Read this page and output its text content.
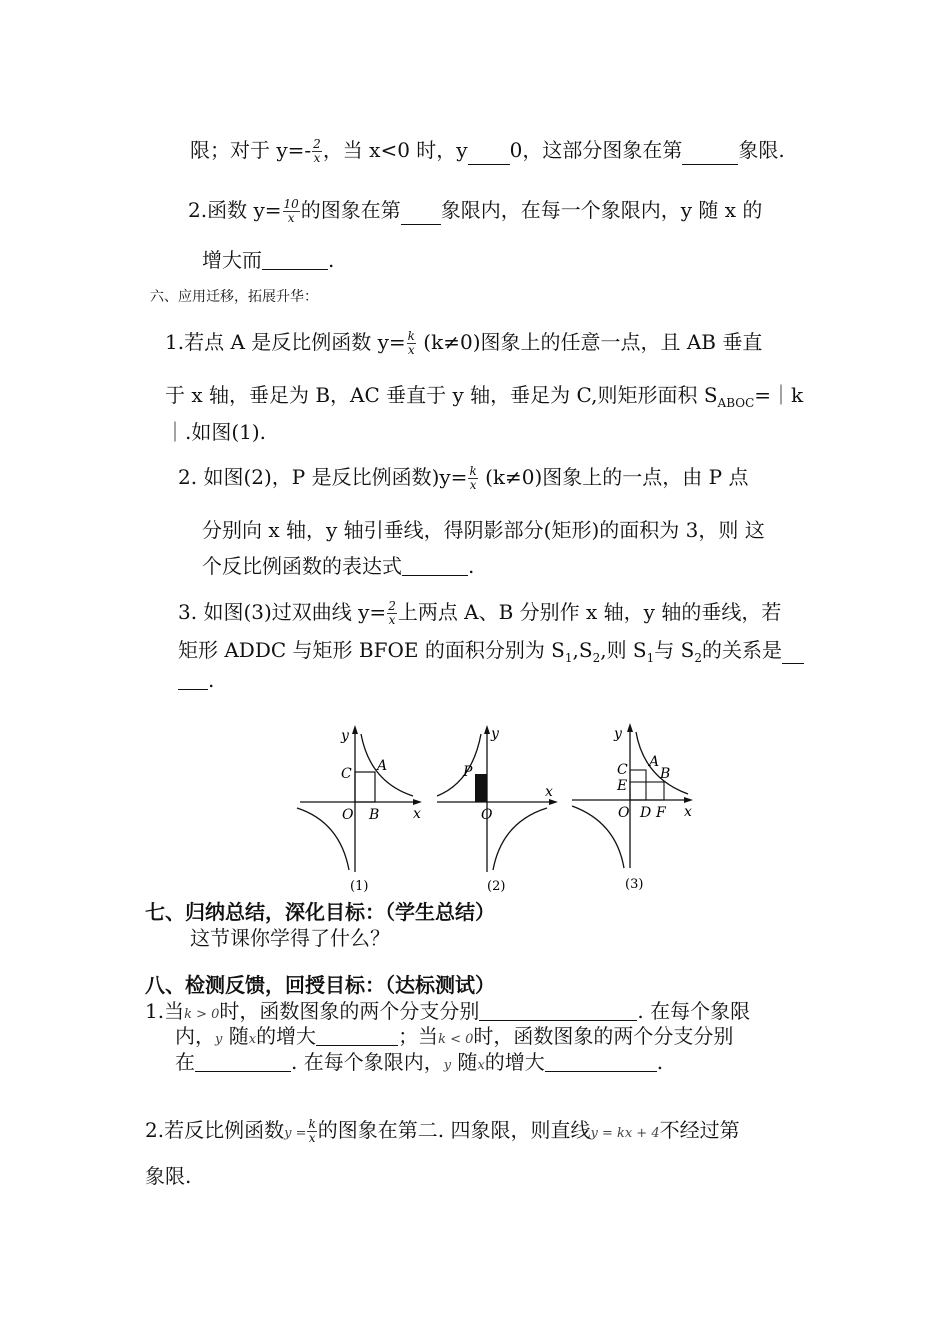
限；对于 $y=- \frac{2}{x}$ ，当 x<0 时，y 0，这部分图象在第	象限.
2.函数 $y= \frac{10}{x}$ 的图象在第 象限内，在每一个象限内，y 随 x 的
增大而	.
六、应用迁移，拓展升华：
1.若点 A 是反比例函数 $y= \frac{k}{x} (k\ne 0)$图象上的任意一点，且 AB 垂直
于 x 轴，垂足为 B，AC 垂直于 y 轴，垂足为 C,则矩形面积 $S_{ABOC}=|k$
｜.如图(1).
2. 如图(2)，P 是反比例函数)$y= \frac{k}{x} (k\ne 0)$图象上的一点，由 P 点
分别向 x 轴，y 轴引垂线，得阴影部分(矩形)的面积为 3，则 这
个反比例函数的表达式	.
3. 如图(3)过双曲线 $y= \frac{2}{x}$ 上两点 A、B 分别作 x 轴，y 轴的垂线，若
矩形 ADDC 与矩形 BFOE 的面积分别为 $S_1,S_2$,则 $S_1$与 $S_2$的关系是
.
y
x
O
A
B
C
(1)
y
x
O
P
(2)
y
x
O
A
B
C
E
D F
(3)
七、归纳总结，深化目标：（学生总结）
这节课你学得了什么？
八、检测反馈，回授目标：（达标测试）
1.当k > 0时，函数图象的两个分支分别	. 在每个象限
内，y 随x的增大	；当k < 0时，函数图象的两个分支分别
在	. 在每个象限内，y 随x的增大	.
2.若反比例函数$y = \frac{k}{x}$ 的图象在第二. 四象限，则直线y = kx + 4不经过第
象限.
